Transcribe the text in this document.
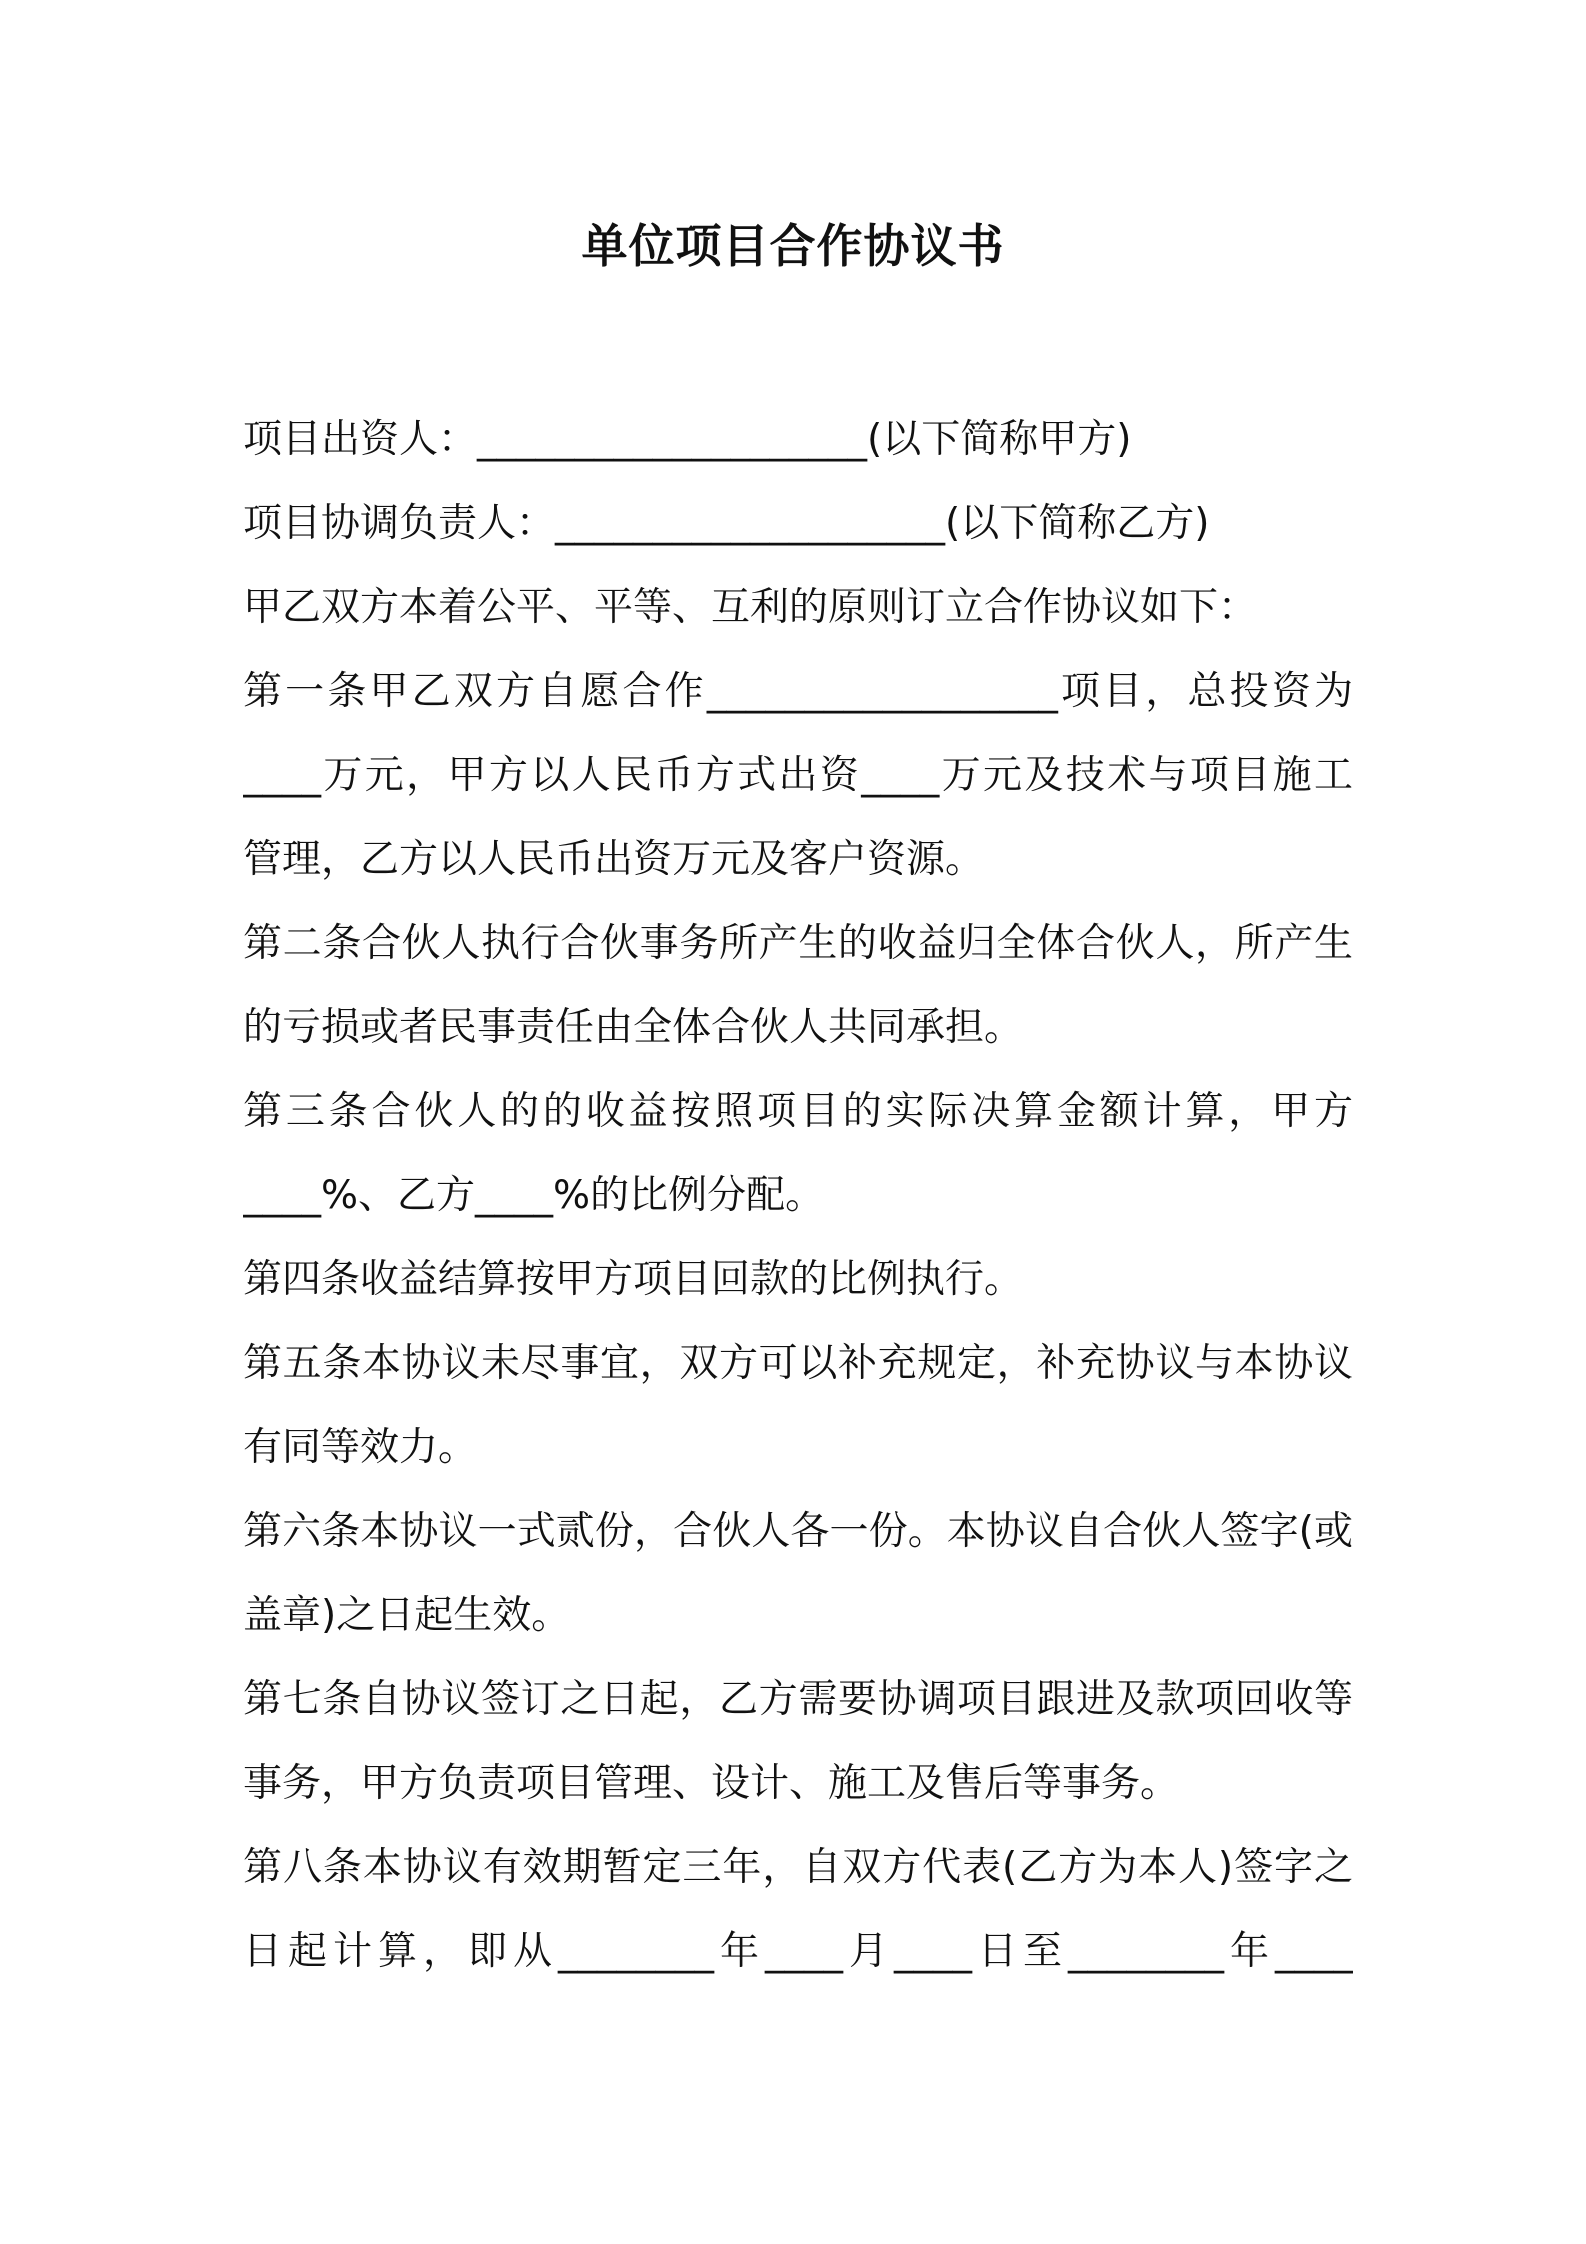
单位项目合作协议书
项目出资人：____________________(以下简称甲方)
项目协调负责人：____________________(以下简称乙方)
甲乙双方本着公平、平等、互利的原则订立合作协议如下：
第一条甲乙双方自愿合作__________________项目，总投资为
____万元，甲方以人民币方式出资____万元及技术与项目施工
管理，乙方以人民币出资万元及客户资源。
第二条合伙人执行合伙事务所产生的收益归全体合伙人，所产生
的亏损或者民事责任由全体合伙人共同承担。
第三条合伙人的的收益按照项目的实际决算金额计算，甲方
____%、乙方____%的比例分配。
第四条收益结算按甲方项目回款的比例执行。
第五条本协议未尽事宜，双方可以补充规定，补充协议与本协议
有同等效力。
第六条本协议一式贰份，合伙人各一份。本协议自合伙人签字(或
盖章)之日起生效。
第七条自协议签订之日起，乙方需要协调项目跟进及款项回收等
事务，甲方负责项目管理、设计、施工及售后等事务。
第八条本协议有效期暂定三年，自双方代表(乙方为本人)签字之
日起计算，即从________年____月____日至________年____
